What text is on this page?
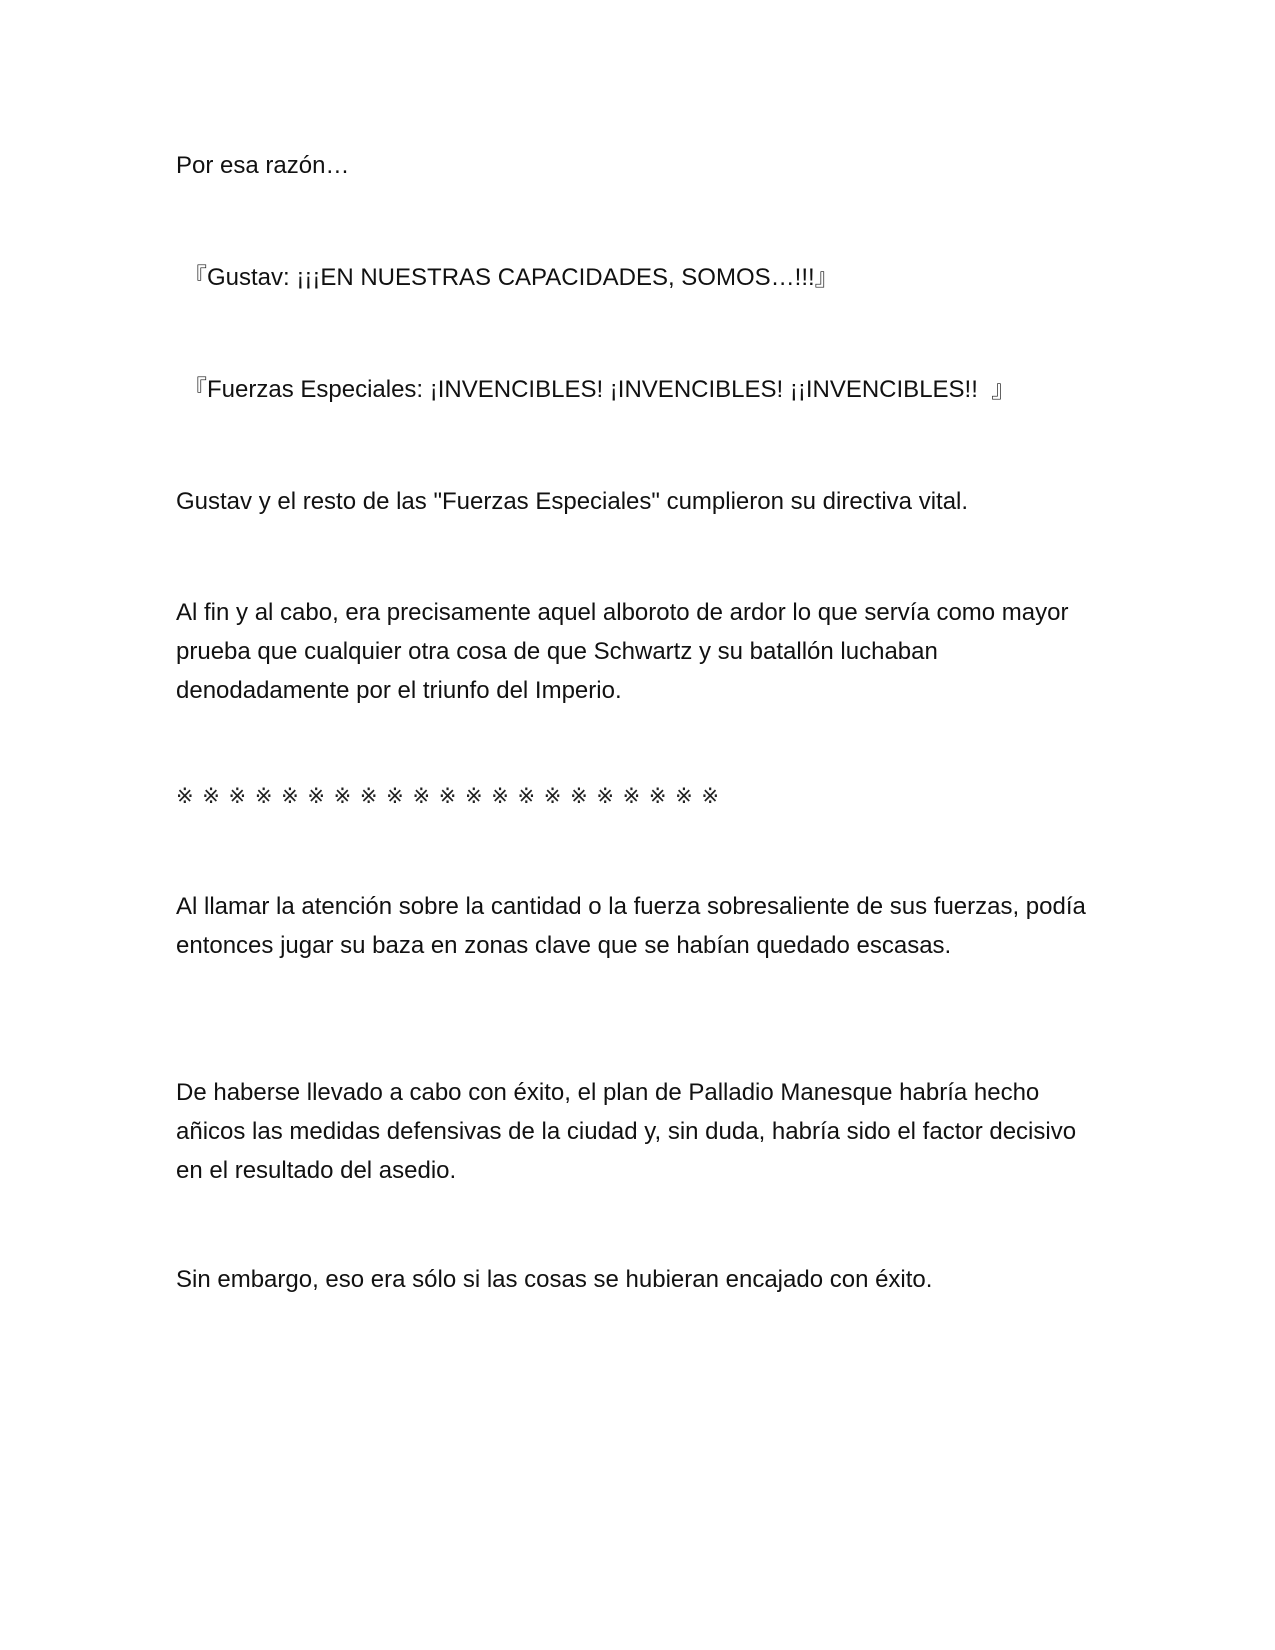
Por esa razón…

『Gustav: ¡¡¡EN NUESTRAS CAPACIDADES, SOMOS…!!!』

『Fuerzas Especiales: ¡INVENCIBLES! ¡INVENCIBLES! ¡¡INVENCIBLES!!  』

Gustav y el resto de las "Fuerzas Especiales" cumplieron su directiva vital.

Al fin y al cabo, era precisamente aquel alboroto de ardor lo que servía como mayor prueba que cualquier otra cosa de que Schwartz y su batallón luchaban denodadamente por el triunfo del Imperio.

※ ※ ※ ※ ※ ※ ※ ※ ※ ※ ※ ※ ※ ※ ※ ※ ※ ※ ※ ※ ※

Al llamar la atención sobre la cantidad o la fuerza sobresaliente de sus fuerzas, podía entonces jugar su baza en zonas clave que se habían quedado escasas.

De haberse llevado a cabo con éxito, el plan de Palladio Manesque habría hecho añicos las medidas defensivas de la ciudad y, sin duda, habría sido el factor decisivo en el resultado del asedio.

Sin embargo, eso era sólo si las cosas se hubieran encajado con éxito.
